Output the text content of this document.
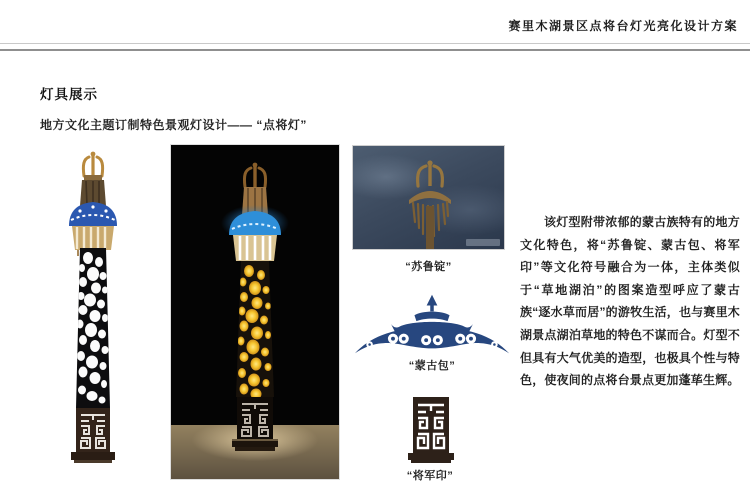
赛里木湖景区点将台灯光亮化设计方案
灯具展示
地方文化主题订制特色景观灯设计—— “点将灯”
“苏鲁锭”
“蒙古包”
“将军印”
该灯型附带浓郁的蒙古族特有的地方文化特色，将“苏鲁锭、蒙古包、将军印”等文化符号融合为一体，主体类似于“草地湖泊”的图案造型呼应了蒙古族“逐水草而居”的游牧生活，也与赛里木湖景点湖泊草地的特色不谋而合。灯型不但具有大气优美的造型，也极具个性与特色，使夜间的点将台景点更加蓬荜生辉。
